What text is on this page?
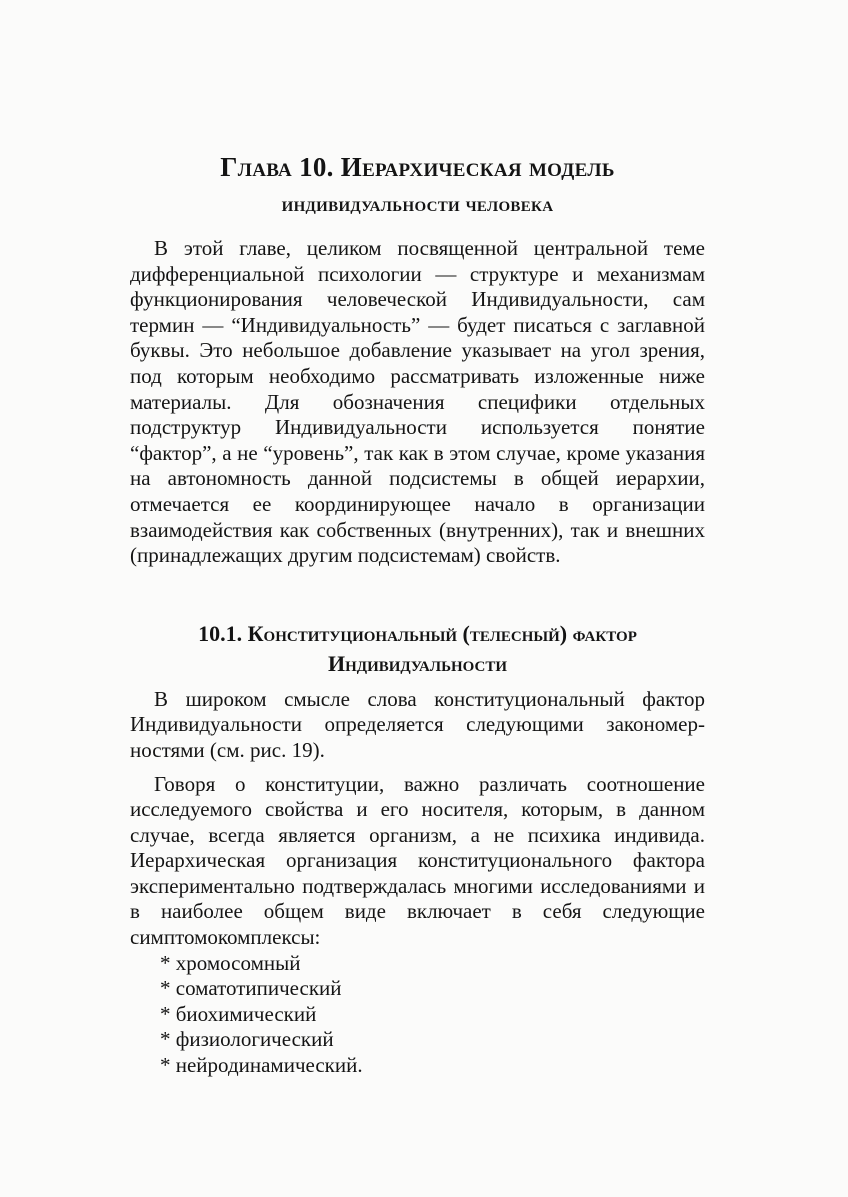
Глава 10. Иерархическая модель
индивидуальности человека

В этой главе, целиком посвященной центральной теме дифференциальной психологии — структуре и механизмам функционирования человеческой Индивидуальности, сам термин — “Индивидуальность” — будет писаться с заглавной буквы. Это небольшое добавление указывает на угол зрения, под которым необходимо рассматривать изложенные ниже материалы. Для обозначения специфики отдельных подструктур Индивидуальности используется понятие “фактор”, а не “уровень”, так как в этом случае, кроме указания на автономность данной подсистемы в общей иерархии, отмечается ее координирующее начало в организации взаимодействия как собственных (внутренних), так и внешних (принадлежащих другим подсистемам) свойств.

10.1. Конституциональный (телесный) фактор
Индивидуальности

В широком смысле слова конституциональный фактор Индивидуальности определяется следующими закономерностями (см. рис. 19).

Говоря о конституции, важно различать соотношение исследуемого свойства и его носителя, которым, в данном случае, всегда является организм, а не психика индивида. Иерархическая организация конституционального фактора экспериментально подтверждалась многими исследованиями и в наиболее общем виде включает в себя следующие симптомокомплексы:

* хромосомный
* соматотипический
* биохимический
* физиологический
* нейродинамический.
